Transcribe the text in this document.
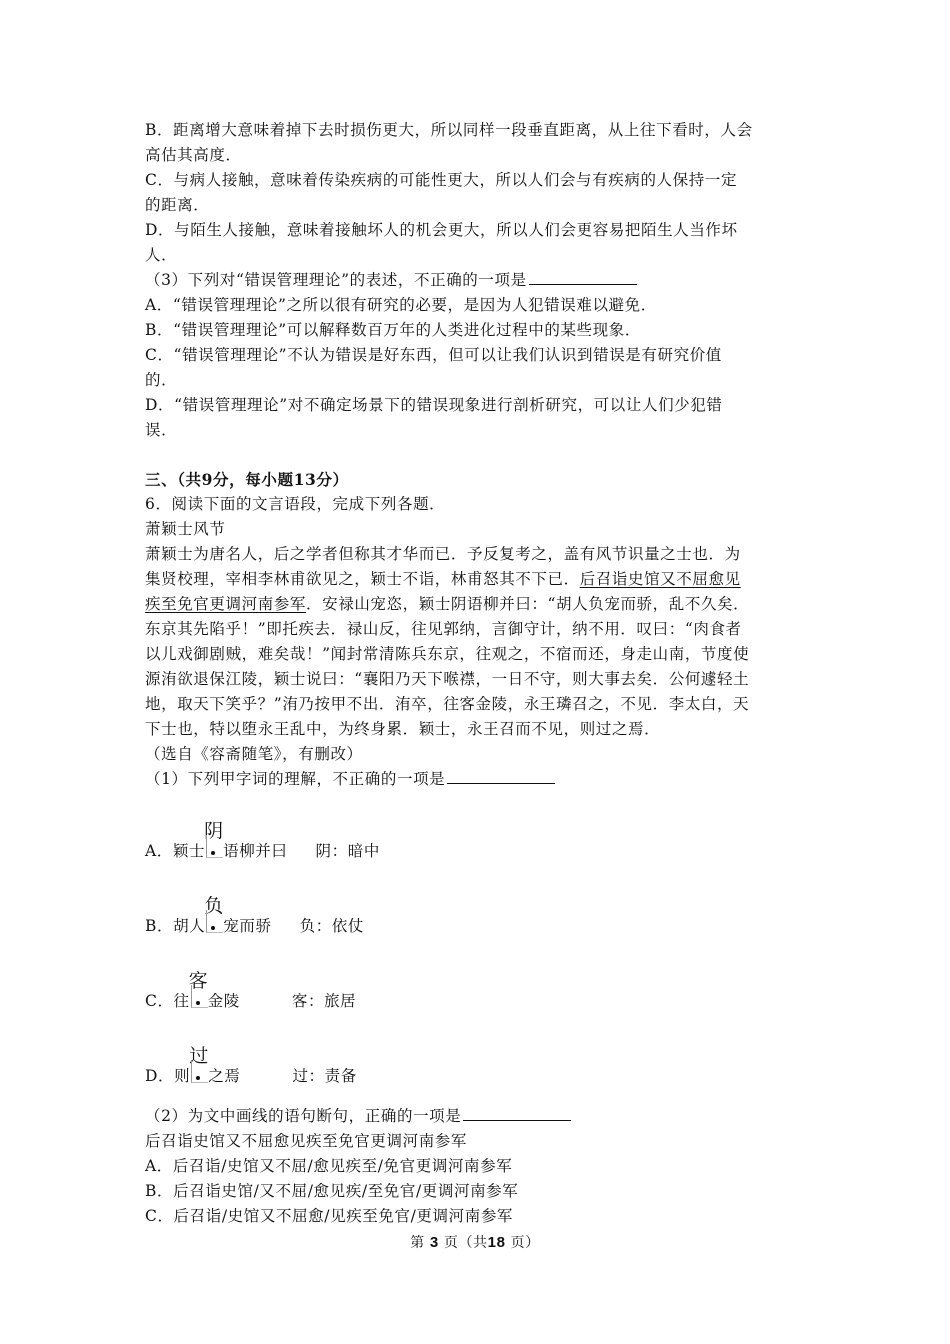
B．距离增大意味着掉下去时损伤更大，所以同样一段垂直距离，从上往下看时，人会
高估其高度．
C．与病人接触，意味着传染疾病的可能性更大，所以人们会与有疾病的人保持一定
的距离．
D．与陌生人接触，意味着接触坏人的机会更大，所以人们会更容易把陌生人当作坏
人．
（3）下列对“错误管理理论”的表述，不正确的一项是
A．“错误管理理论”之所以很有研究的必要，是因为人犯错误难以避免．
B．“错误管理理论”可以解释数百万年的人类进化过程中的某些现象．
C．“错误管理理论”不认为错误是好东西，但可以让我们认识到错误是有研究价值
的．
D．“错误管理理论”对不确定场景下的错误现象进行剖析研究，可以让人们少犯错
误．
三、（共9分，每小题13分）
6．阅读下面的文言语段，完成下列各题．
萧颖士风节
萧颖士为唐名人，后之学者但称其才华而已．予反复考之，盖有风节识量之士也．为
集贤校理，宰相李林甫欲见之，颖士不诣，林甫怒其不下已．后召诣史馆又不屈愈见
疾至免官更调河南参军．安禄山宠恣，颖士阴语柳并曰：“胡人负宠而骄，乱不久矣．
东京其先陷乎！”即托疾去．禄山反，往见郭纳，言御守计，纳不用．叹曰：“肉食者
以儿戏御剧贼，难矣哉！”闻封常清陈兵东京，往观之，不宿而还，身走山南，节度使
源洧欲退保江陵，颖士说曰：“襄阳乃天下喉襟，一日不守，则大事去矣．公何遽轻土
地，取天下笑乎？”洧乃按甲不出．洧卒，往客金陵，永王璘召之，不见．李太白，天
下士也，特以堕永王乱中，为终身累．颖士，永王召而不见，则过之焉．
（选自《容斋随笔》，有删改）
（1）下列甲字词的理解，不正确的一项是
A．颖士
阴
语柳并曰 阴：暗中
B．胡人
负
宠而骄 负：依仗
C．往
客
金陵	客：旅居
D．则
过
之焉	过：责备
（2）为文中画线的语句断句，正确的一项是
后召诣史馆又不屈愈见疾至免官更调河南参军
A．后召诣/史馆又不屈/愈见疾至/免官更调河南参军
B．后召诣史馆/又不屈/愈见疾/至免官/更调河南参军
C．后召诣/史馆又不屈愈/见疾至免官/更调河南参军
第 3 页（共18 页）
